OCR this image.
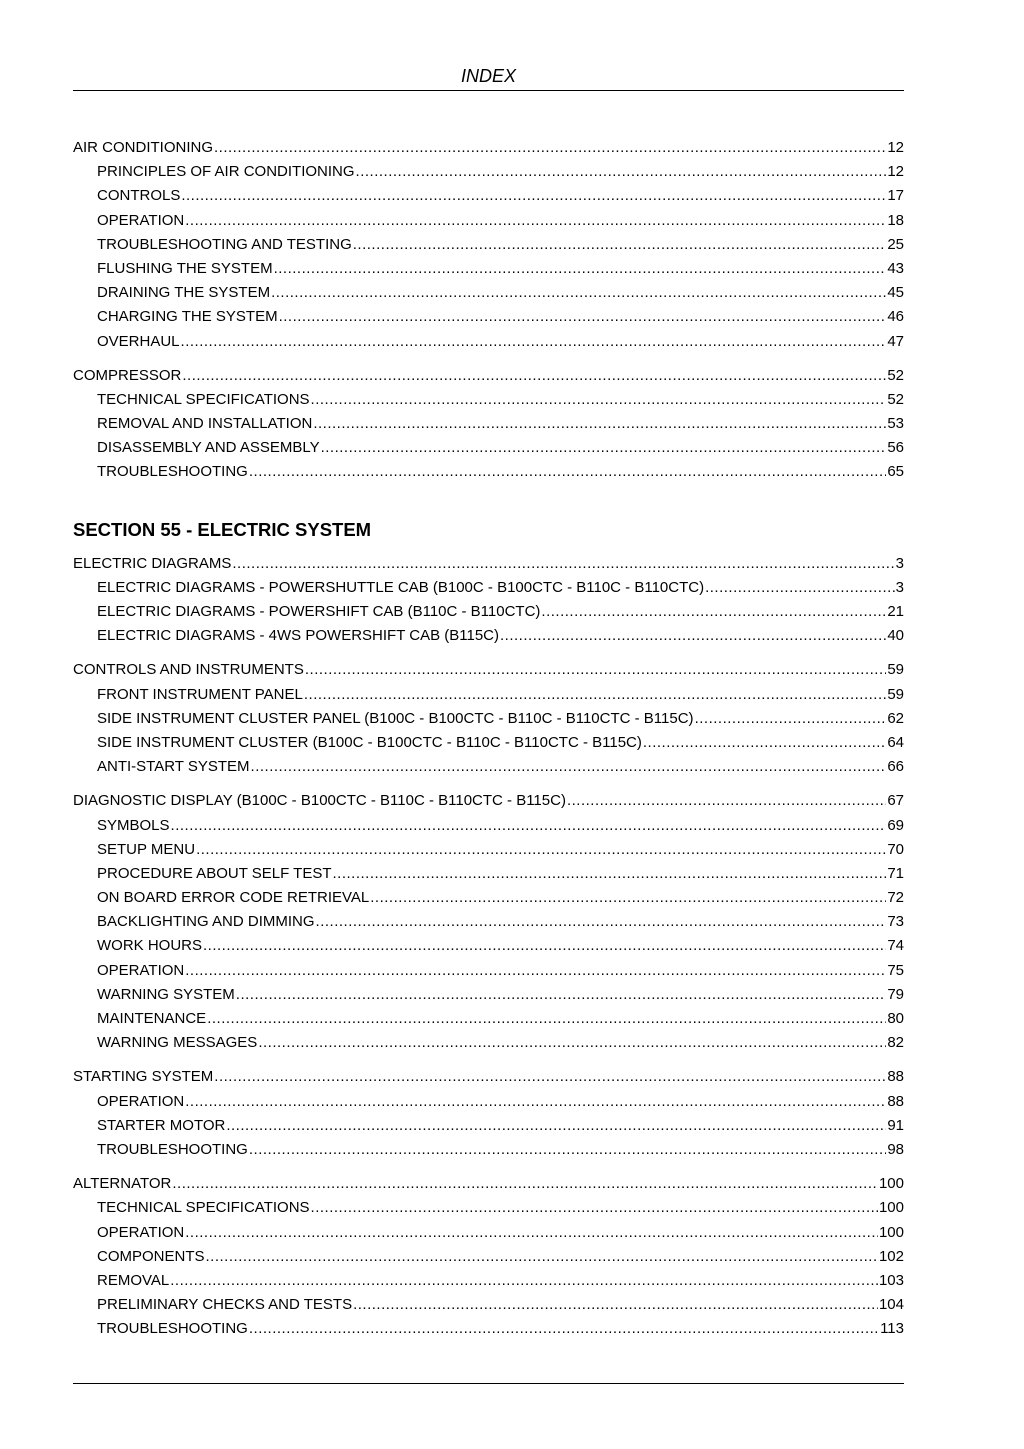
INDEX
AIR CONDITIONING .....	12
PRINCIPLES OF AIR CONDITIONING .....	12
CONTROLS .....	17
OPERATION .....	18
TROUBLESHOOTING AND TESTING .....	25
FLUSHING THE SYSTEM .....	43
DRAINING THE SYSTEM .....	45
CHARGING THE SYSTEM .....	46
OVERHAUL .....	47
COMPRESSOR .....	52
TECHNICAL SPECIFICATIONS .....	52
REMOVAL AND INSTALLATION .....	53
DISASSEMBLY AND ASSEMBLY .....	56
TROUBLESHOOTING .....	65
SECTION 55 - ELECTRIC SYSTEM
ELECTRIC DIAGRAMS .....	3
ELECTRIC DIAGRAMS - POWERSHUTTLE CAB (B100C - B100CTC - B110C - B110CTC) .....	3
ELECTRIC DIAGRAMS - POWERSHIFT CAB (B110C - B110CTC) .....	21
ELECTRIC DIAGRAMS - 4WS POWERSHIFT CAB (B115C) .....	40
CONTROLS AND INSTRUMENTS .....	59
FRONT INSTRUMENT PANEL .....	59
SIDE INSTRUMENT CLUSTER PANEL (B100C - B100CTC - B110C - B110CTC - B115C) .....	62
SIDE INSTRUMENT CLUSTER (B100C - B100CTC - B110C - B110CTC - B115C) .....	64
ANTI-START SYSTEM .....	66
DIAGNOSTIC DISPLAY (B100C - B100CTC - B110C - B110CTC - B115C) .....	67
SYMBOLS .....	69
SETUP MENU .....	70
PROCEDURE ABOUT SELF TEST .....	71
ON BOARD ERROR CODE RETRIEVAL .....	72
BACKLIGHTING AND DIMMING .....	73
WORK HOURS .....	74
OPERATION .....	75
WARNING SYSTEM .....	79
MAINTENANCE .....	80
WARNING MESSAGES .....	82
STARTING SYSTEM .....	88
OPERATION .....	88
STARTER MOTOR .....	91
TROUBLESHOOTING .....	98
ALTERNATOR .....	100
TECHNICAL SPECIFICATIONS .....	100
OPERATION .....	100
COMPONENTS .....	102
REMOVAL .....	103
PRELIMINARY CHECKS AND TESTS .....	104
TROUBLESHOOTING .....	113
